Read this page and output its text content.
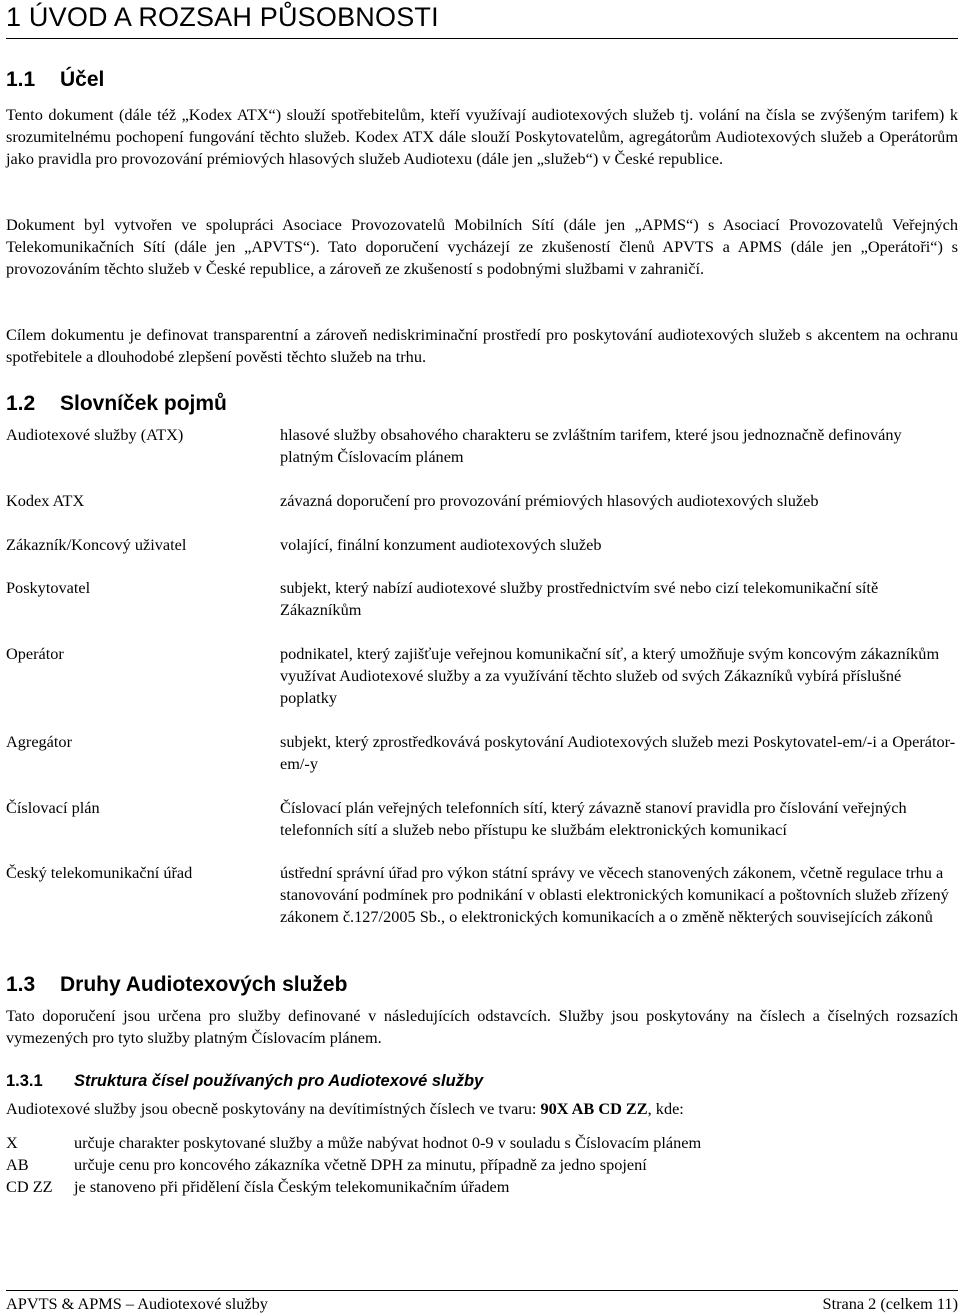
1 ÚVOD A ROZSAH PŮSOBNOSTI
1.1 Účel
Tento dokument (dále též „Kodex ATX“) slouží spotřebitelům, kteří využívají audiotexových služeb tj. volání na čísla se zvýšeným tarifem) k srozumitelnému pochopení fungování těchto služeb. Kodex ATX dále slouží Poskytovatelům, agregátorům Audiotexových služeb a Operátorům jako pravidla pro provozování prémiových hlasových služeb Audiotexu (dále jen „služeb“) v České republice.
Dokument byl vytvořen ve spolupráci Asociace Provozovatelů Mobilních Sítí (dále jen „APMS“) s Asociací Provozovatelů Veřejných Telekomunikačních Sítí (dále jen „APVTS“). Tato doporučení vycházejí ze zkušeností členů APVTS a APMS (dále jen „Operátoři“) s provozováním těchto služeb v České republice, a zároveň ze zkušeností s podobnými službami v zahraničí.
Cílem dokumentu je definovat transparentní a zároveň nediskriminační prostředí pro poskytování audiotexových služeb s akcentem na ochranu spotřebitele a dlouhodobé zlepšení pověsti těchto služeb na trhu.
1.2 Slovníček pojmů
Audiotexové služby (ATX)	hlasové služby obsahového charakteru se zvláštním tarifem, které jsou jednoznačně definovány platným Číslovacím plánem
Kodex ATX	závazná doporučení pro provozování prémiových hlasových audiotexových služeb
Zákazník/Koncový uživatel	volající, finální konzument audiotexových služeb
Poskytovatel	subjekt, který nabízí audiotexové služby prostřednictvím své nebo cizí telekomunikační sítě Zákazníkům
Operátor	podnikatel, který zajišťuje veřejnou komunikační síť, a který umožňuje svým koncovým zákazníkům využívat Audiotexové služby a za využívání těchto služeb od svých Zákazníků vybírá příslušné poplatky
Agregátor	subjekt, který zprostředkovává poskytování Audiotexových služeb mezi Poskytovatel-em/-i a Operátor-em/-y
Číslovací plán	Číslovací plán veřejných telefonních sítí, který závazně stanoví pravidla pro číslování veřejných telefonních sítí a služeb nebo přístupu ke službám elektronických komunikací
Český telekomunikační úřad	ústřední správní úřad pro výkon státní správy ve věcech stanovených zákonem, včetně regulace trhu a stanovování podmínek pro podnikání v oblasti elektronických komunikací a poštovních služeb zřízený zákonem č.127/2005 Sb., o elektronických komunikacích a o změně některých souvisejících zákonů
1.3 Druhy Audiotexových služeb
Tato doporučení jsou určena pro služby definované v následujících odstavcích. Služby jsou poskytovány na číslech a číselných rozsazích vymezených pro tyto služby platným Číslovacím plánem.
1.3.1 Struktura čísel používaných pro Audiotexové služby
Audiotexové služby jsou obecně poskytovány na devítimístných číslech ve tvaru: 90X AB CD ZZ, kde:
X	určuje charakter poskytované služby a může nabývat hodnot 0-9 v souladu s Číslovacím plánem
AB	určuje cenu pro koncového zákazníka včetně DPH za minutu, případně za jedno spojení
CD ZZ je stanoveno při přidělení čísla Českým telekomunikačním úřadem
APVTS & APMS – Audiotexové služby	Strana 2 (celkem 11)
